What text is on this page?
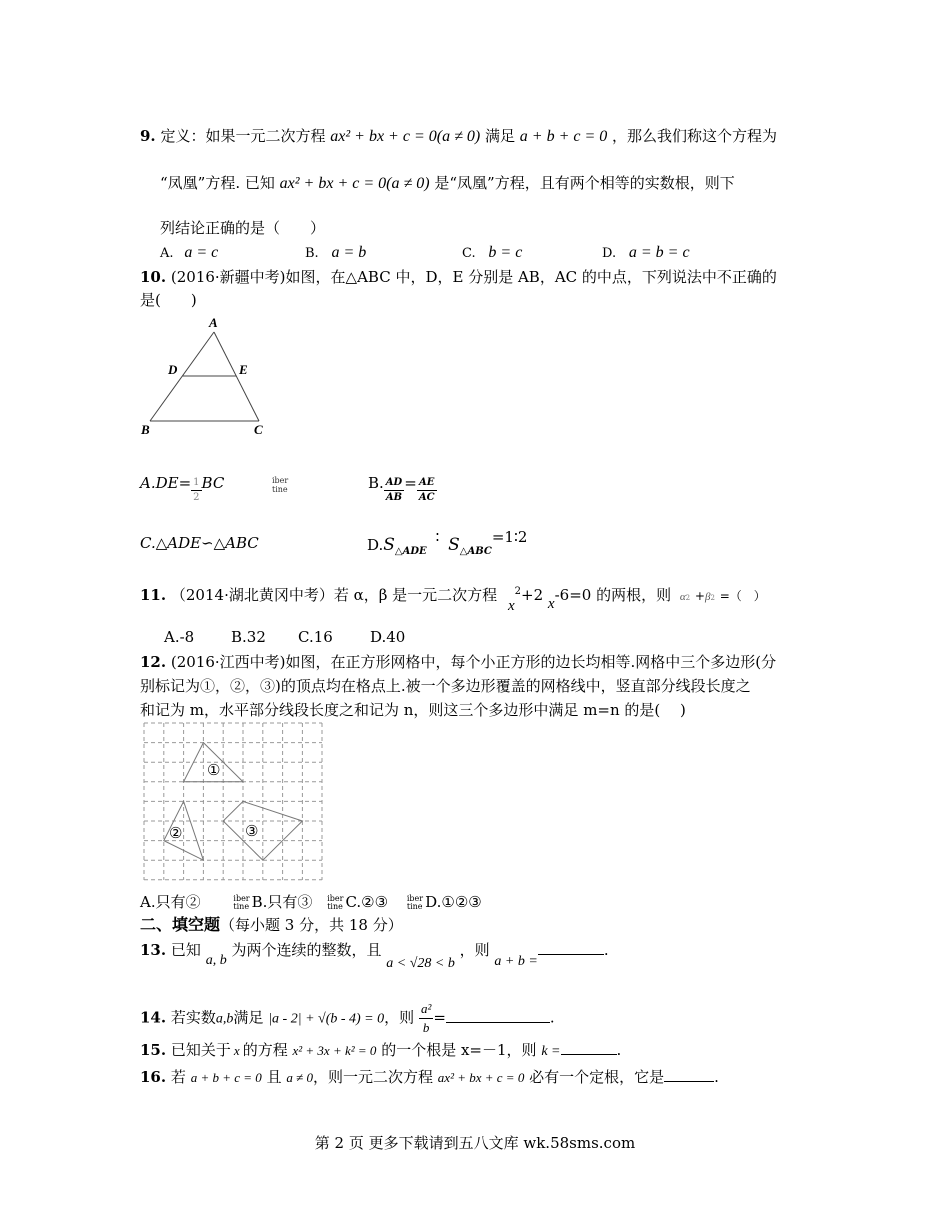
9. 定义：如果一元二次方程 ax² + bx + c = 0(a ≠ 0) 满足 a + b + c = 0 ，那么我们称这个方程为
“凤凰”方程. 已知 ax² + bx + c = 0(a ≠ 0) 是“凤凰”方程，且有两个相等的实数根，则下
列结论正确的是（　　）
A. a = c	B. a = b	C. b = c	D. a = b = c
10. (2016·新疆中考)如图，在△ABC 中，D，E 分别是 AB，AC 的中点，下列说法中不正确的
是(　　)
A
D	E
B	C
$A.DE= \frac{1}{2}$ BC	iber
tine	B. $\frac{AD}{AB} = \frac{AE}{AC}$
C.△ADE∽△ABC	$D.S_{\triangle ADE}$ ∶ $S_{\triangle ABC}=1∶2$
11. （2014·湖北黄冈中考）若 α，β 是一元二次方程 $x^2+2$ x-6=0 的两根，则 α2 +β2 =（　）
A.-8 B.32 C.16 D.40
12. (2016·江西中考)如图，在正方形网格中，每个小正方形的边长均相等.网格中三个多边形(分
别标记为①，②，③)的顶点均在格点上.被一个多边形覆盖的网格线中，竖直部分线段长度之
和记为 m，水平部分线段长度之和记为 n，则这三个多边形中满足 m=n 的是(　 )
①
②	③
A.只有②	iber
tine B.只有③ iber
tine C.②③ iber
tine D.①②③
二、填空题（每小题 3 分，共 18 分）
13. 已知 a, b 为两个连续的整数，且 a < √28 < b ，则 a + b =.
14. 若实数a,b满足 |a - 2| + √(b - 4) = 0，则 $\frac{\text{a²}}{b}$ =	.
15. 已知关于 x 的方程 x² + 3x + k² = 0 的一个根是 x=－1，则 k =	.
16. 若 a + b + c = 0 且 a ≠ 0，则一元二次方程 ax² + bx + c = 0 必有一个定根，它是	.
第 2 页 更多下载请到五八文库 wk.58sms.com
